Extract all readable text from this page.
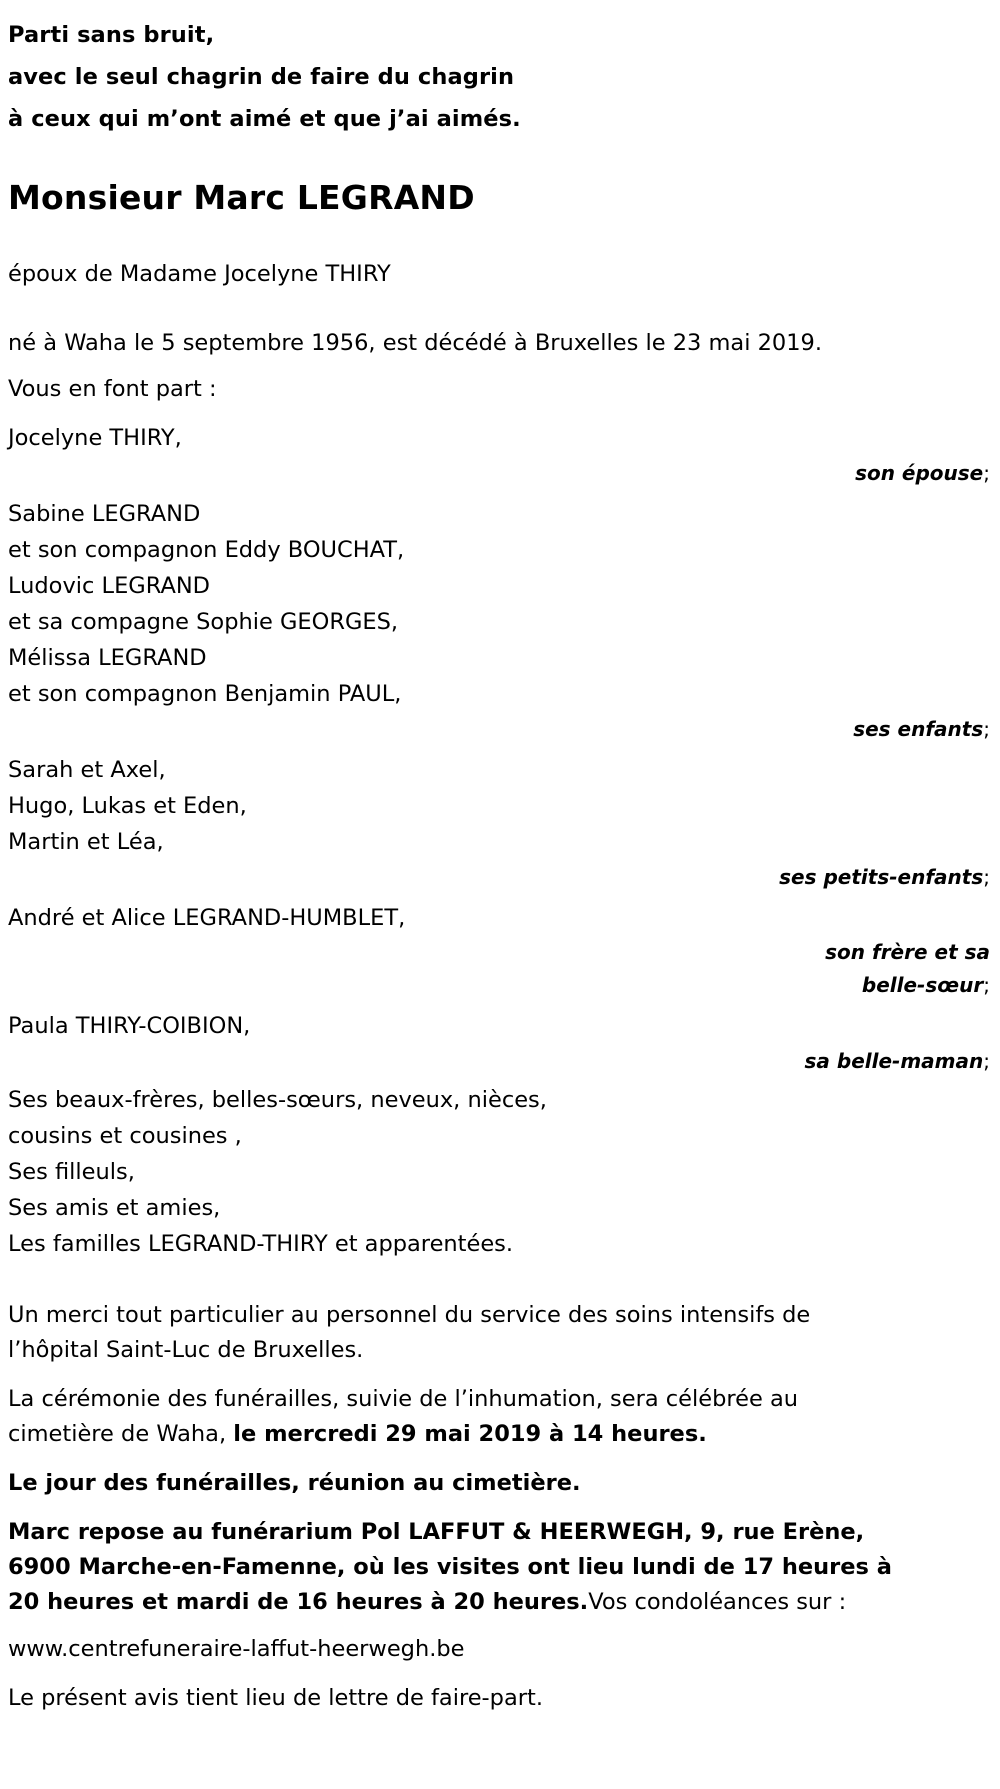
Parti sans bruit,
avec le seul chagrin de faire du chagrin
à ceux qui m’ont aimé et que j’ai aimés.
Monsieur Marc LEGRAND
époux de Madame Jocelyne THIRY
né à Waha le 5 septembre 1956, est décédé à Bruxelles le 23 mai 2019.
Vous en font part :
Jocelyne THIRY,
son épouse;
Sabine LEGRAND
et son compagnon Eddy BOUCHAT,
Ludovic LEGRAND
et sa compagne Sophie GEORGES,
Mélissa LEGRAND
et son compagnon Benjamin PAUL,
ses enfants;
Sarah et Axel,
Hugo, Lukas et Eden,
Martin et Léa,
ses petits-enfants;
André et Alice LEGRAND-HUMBLET,
son frère et sa
belle-sœur;
Paula THIRY-COIBION,
sa belle-maman;
Ses beaux-frères, belles-sœurs, neveux, nièces,
cousins et cousines ,
Ses filleuls,
Ses amis et amies,
Les familles LEGRAND-THIRY et apparentées.
Un merci tout particulier au personnel du service des soins intensifs de
l’hôpital Saint-Luc de Bruxelles.
La cérémonie des funérailles, suivie de l’inhumation, sera célébrée au
cimetière de Waha, le mercredi 29 mai 2019 à 14 heures.
Le jour des funérailles, réunion au cimetière.
Marc repose au funérarium Pol LAFFUT & HEERWEGH, 9, rue Erène,
6900 Marche-en-Famenne, où les visites ont lieu lundi de 17 heures à
20 heures et mardi de 16 heures à 20 heures.Vos condoléances sur :
www.centrefuneraire-laffut-heerwegh.be
Le présent avis tient lieu de lettre de faire-part.
